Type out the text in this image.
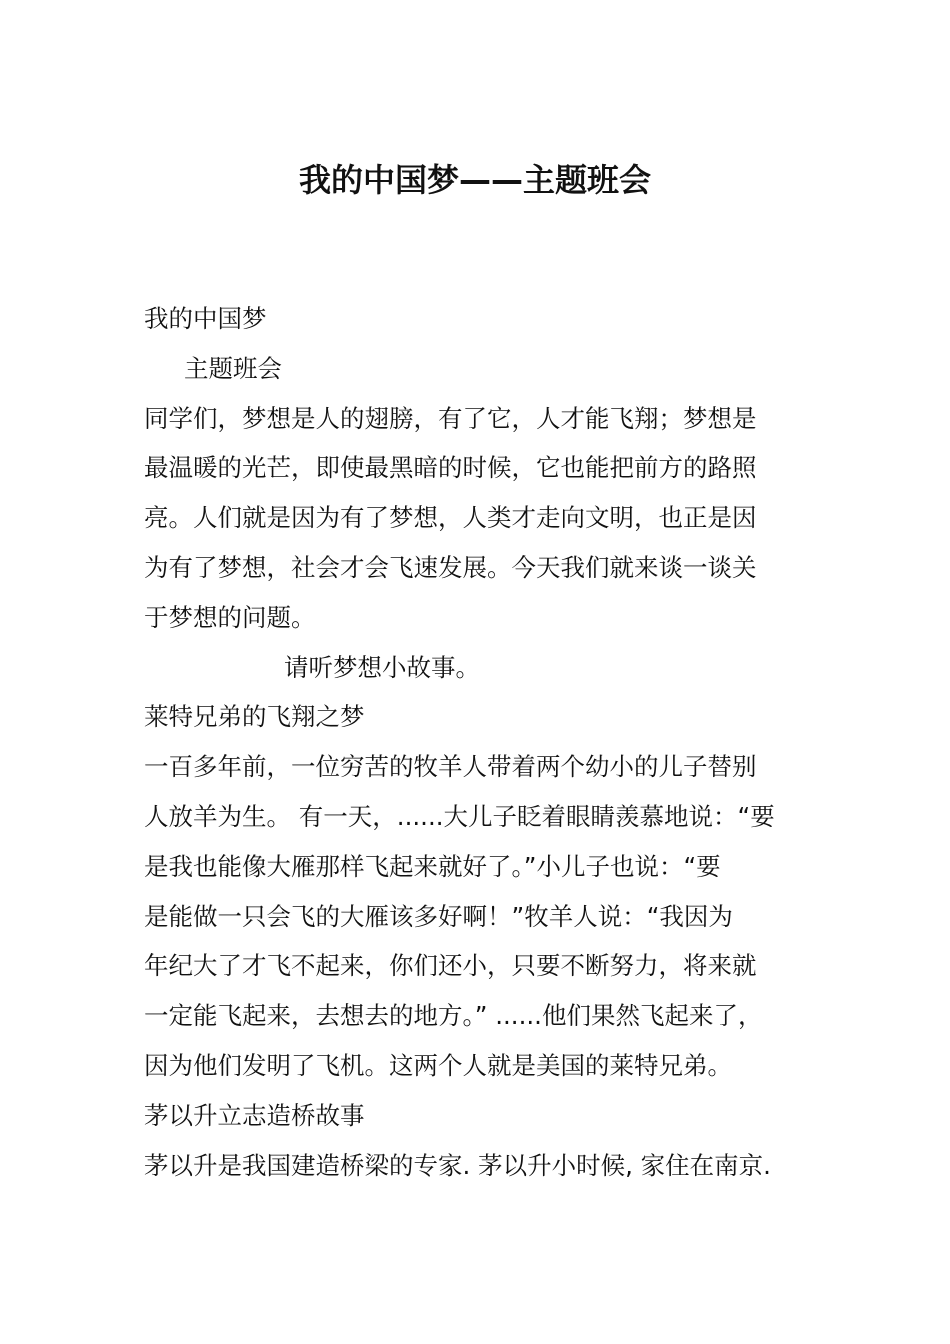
我的中国梦——主题班会
我的中国梦
主题班会
同学们，梦想是人的翅膀，有了它，人才能飞翔；梦想是
最温暖的光芒，即使最黑暗的时候，它也能把前方的路照
亮。人们就是因为有了梦想，人类才走向文明，也正是因
为有了梦想，社会才会飞速发展。今天我们就来谈一谈关
于梦想的问题。
请听梦想小故事。
莱特兄弟的飞翔之梦
一百多年前，一位穷苦的牧羊人带着两个幼小的儿子替别
人放羊为生。 有一天，......大儿子眨着眼睛羡慕地说：“要
是我也能像大雁那样飞起来就好了。”小儿子也说：“要
是能做一只会飞的大雁该多好啊！”牧羊人说：“我因为
年纪大了才飞不起来，你们还小，只要不断努力，将来就
一定能飞起来，去想去的地方。” ......他们果然飞起来了，
因为他们发明了飞机。这两个人就是美国的莱特兄弟。
茅以升立志造桥故事
茅以升是我国建造桥梁的专家. 茅以升小时候, 家住在南京.
